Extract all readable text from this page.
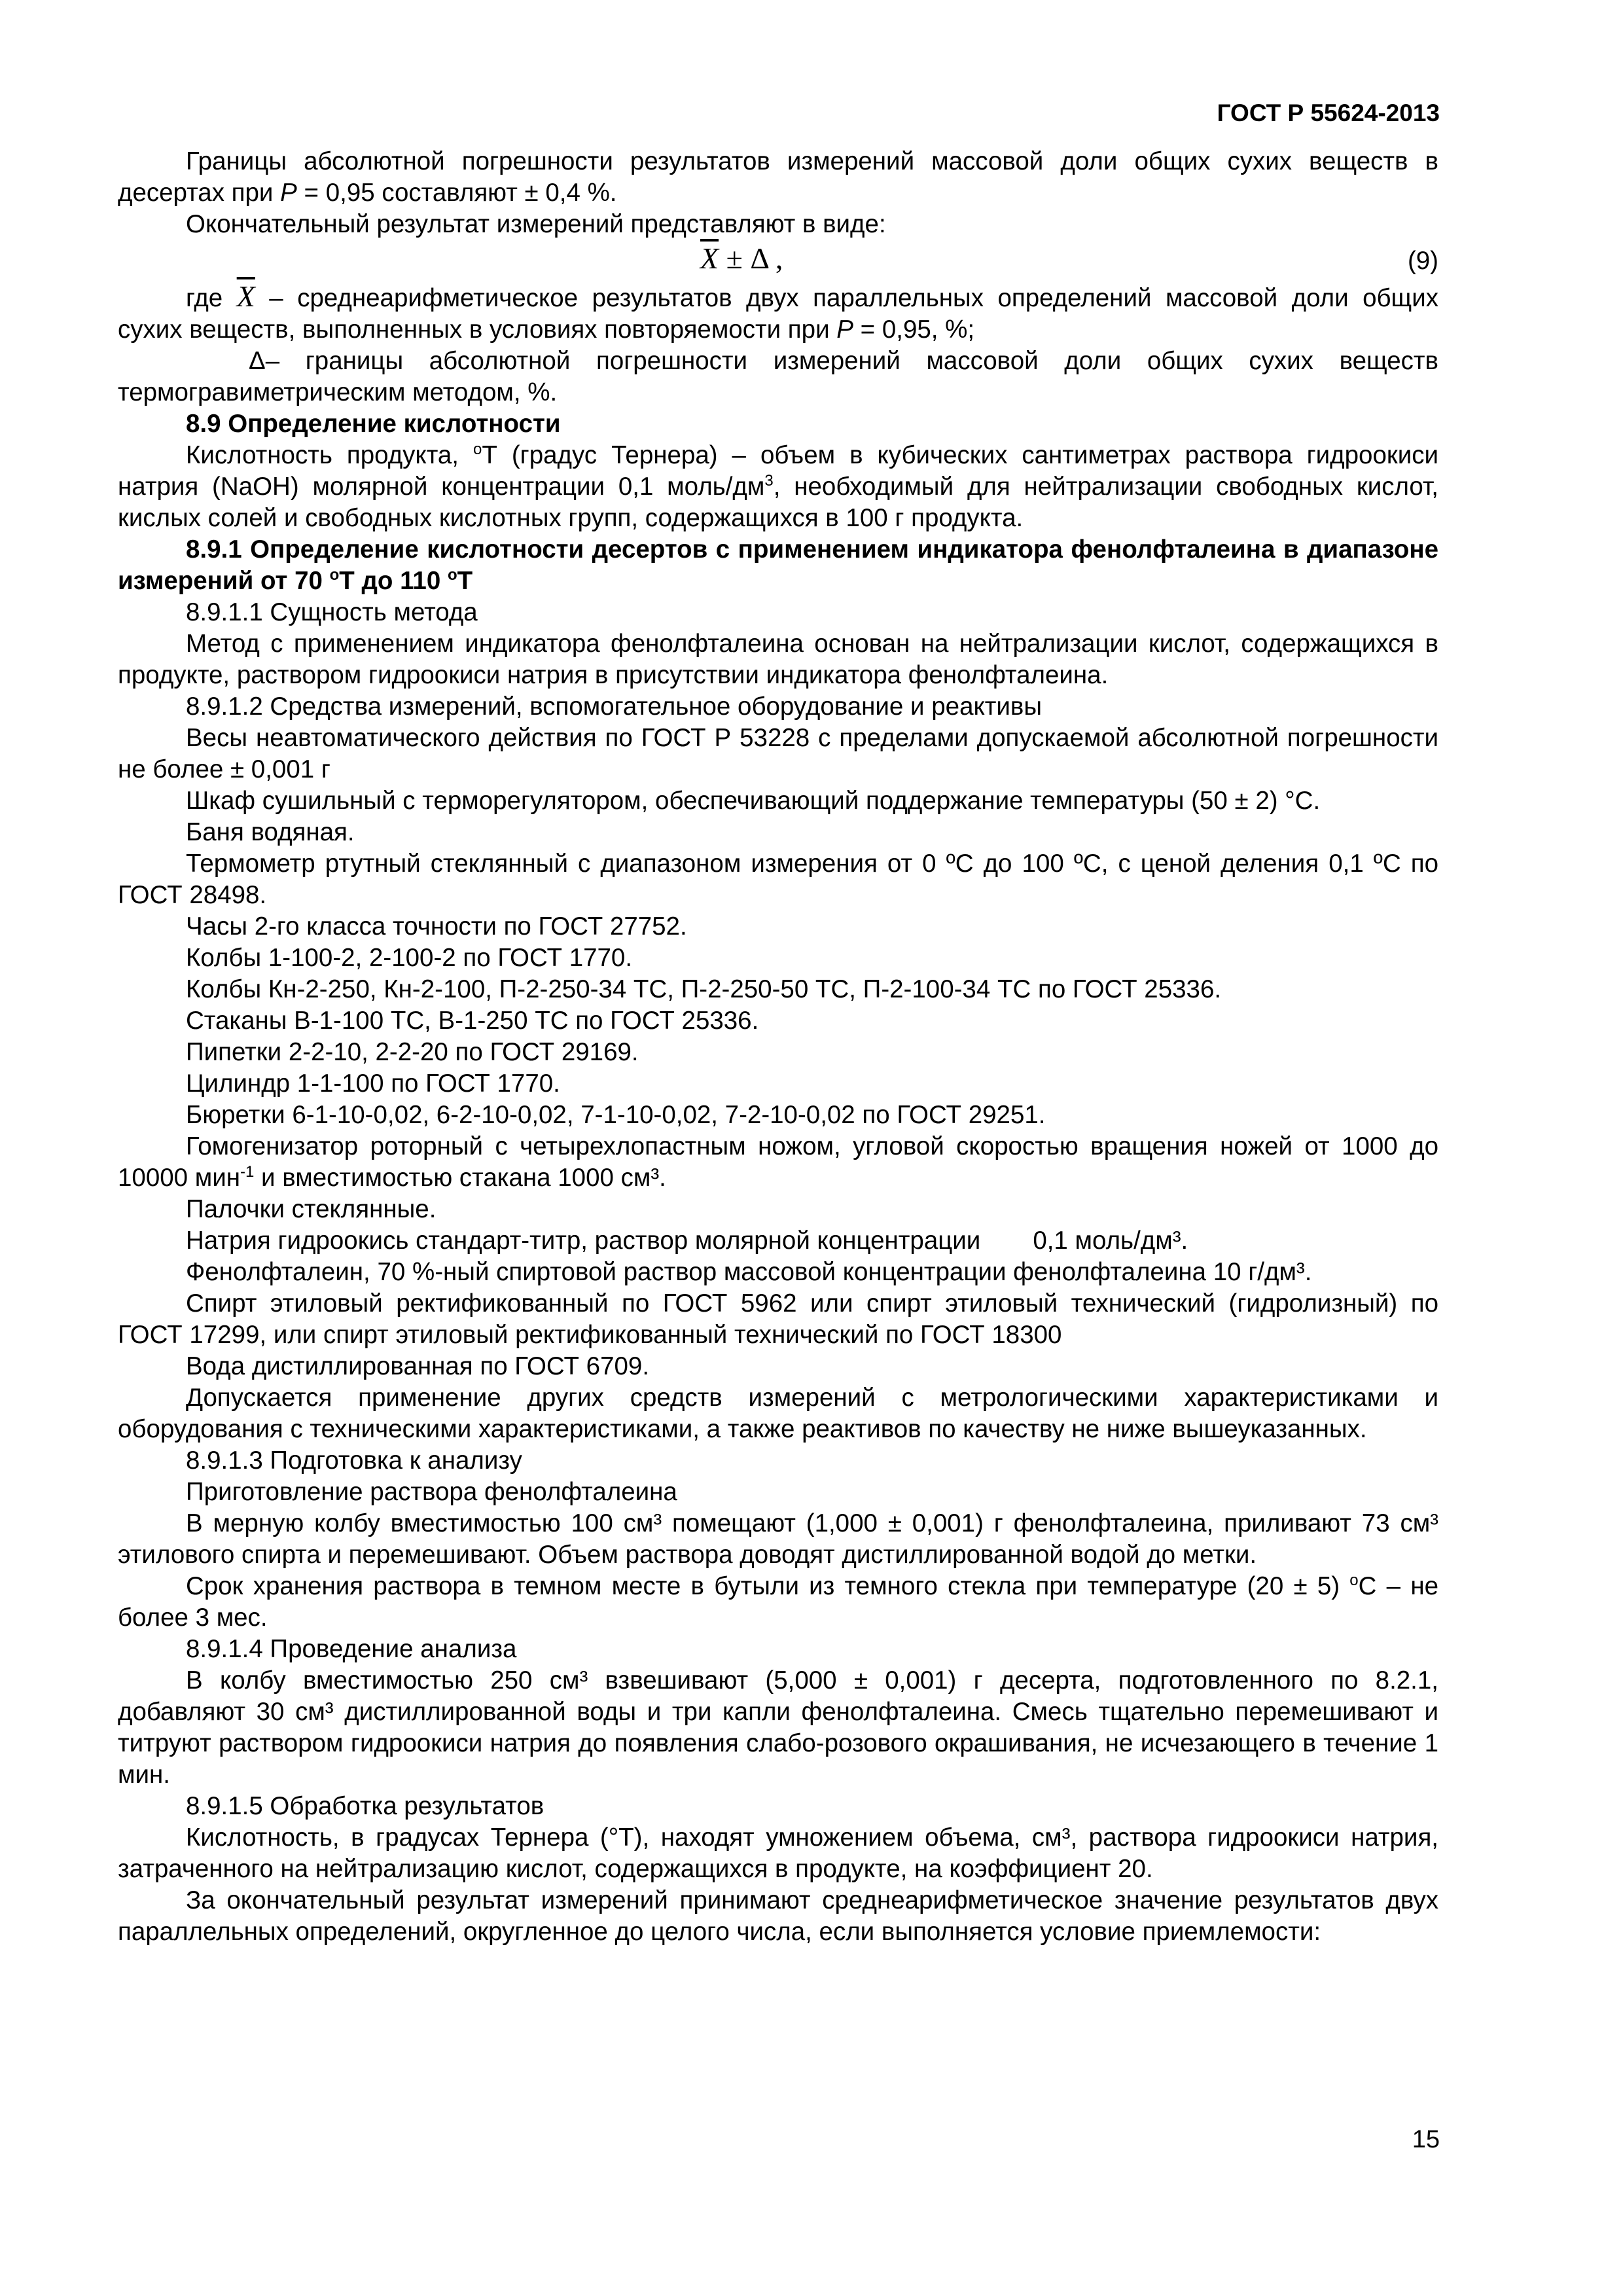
ГОСТ Р 55624-2013

Границы абсолютной погрешности результатов измерений массовой доли общих сухих веществ в десертах при P = 0,95 составляют ± 0,4 %.

Окончательный результат измерений представляют в виде:

$\overline{X} \pm \Delta$ ,	(9)

где $\overline{X}$ – среднеарифметическое результатов двух параллельных определений массовой доли общих сухих веществ, выполненных в условиях повторяемости при P = 0,95, %;

Δ– границы абсолютной погрешности измерений массовой доли общих сухих веществ термогравиметрическим методом, %.

8.9 Определение кислотности

Кислотность продукта, $^о$Т (градус Тернера) – объем в кубических сантиметрах раствора гидроокиси натрия (NaOH) молярной концентрации 0,1 моль/$дм^3$, необходимый для нейтрализации свободных кислот, кислых солей и свободных кислотных групп, содержащихся в 100 г продукта.

8.9.1 Определение кислотности десертов с применением индикатора фенолфталеина в диапазоне измерений от 70 $^о$Т до 110 $^о$Т

8.9.1.1 Сущность метода

Метод с применением индикатора фенолфталеина основан на нейтрализации кислот, содержащихся в продукте, раствором гидроокиси натрия в присутствии индикатора фенолфталеина.

8.9.1.2 Средства измерений, вспомогательное оборудование и реактивы

Весы неавтоматического действия по ГОСТ Р 53228 с пределами допускаемой абсолютной погрешности не более ± 0,001 г

Шкаф сушильный с терморегулятором, обеспечивающий поддержание температуры (50 ± 2) °С.

Баня водяная.

Термометр ртутный стеклянный с диапазоном измерения от 0 ºС до 100 ºС, с ценой деления 0,1 ºС по ГОСТ 28498.

Часы 2-го класса точности по ГОСТ 27752.

Колбы 1-100-2, 2-100-2 по ГОСТ 1770.

Колбы Кн-2-250, Кн-2-100, П-2-250-34 ТС, П-2-250-50 ТС, П-2-100-34 ТС по ГОСТ 25336.

Стаканы В-1-100 ТС, В-1-250 ТС по ГОСТ 25336.

Пипетки 2-2-10, 2-2-20 по ГОСТ 29169.

Цилиндр 1-1-100 по ГОСТ 1770.

Бюретки 6-1-10-0,02, 6-2-10-0,02, 7-1-10-0,02, 7-2-10-0,02 по ГОСТ 29251.

Гомогенизатор роторный с четырехлопастным ножом, угловой скоростью вращения ножей от 1000 до 10000 мин$^{-1}$ и вместимостью стакана 1000 см³.

Палочки стеклянные.

Натрия гидроокись стандарт-титр, раствор молярной концентрации 0,1 моль/дм³.

Фенолфталеин, 70 %-ный спиртовой раствор массовой концентрации фенолфталеина 10 г/дм³.

Спирт этиловый ректификованный по ГОСТ 5962 или спирт этиловый технический (гидролизный) по ГОСТ 17299, или спирт этиловый ректификованный технический по ГОСТ 18300

Вода дистиллированная по ГОСТ 6709.

Допускается применение других средств измерений с метрологическими характеристиками и оборудования с техническими характеристиками, а также реактивов по качеству не ниже вышеуказанных.

8.9.1.3 Подготовка к анализу

Приготовление раствора фенолфталеина

В мерную колбу вместимостью 100 см³ помещают (1,000 ± 0,001) г фенолфталеина, приливают 73 см³ этилового спирта и перемешивают. Объем раствора доводят дистиллированной водой до метки.

Срок хранения раствора в темном месте в бутыли из темного стекла при температуре (20 ± 5) $^о$С – не более 3 мес.

8.9.1.4 Проведение анализа

В колбу вместимостью 250 см³ взвешивают (5,000 ± 0,001) г десерта, подготовленного по 8.2.1, добавляют 30 см³ дистиллированной воды и три капли фенолфталеина. Смесь тщательно перемешивают и титруют раствором гидроокиси натрия до появления слабо-розового окрашивания, не исчезающего в течение 1 мин.

8.9.1.5 Обработка результатов

Кислотность, в градусах Тернера (°Т), находят умножением объема, см³, раствора гидроокиси натрия, затраченного на нейтрализацию кислот, содержащихся в продукте, на коэффициент 20.

За окончательный результат измерений принимают среднеарифметическое значение результатов двух параллельных определений, округленное до целого числа, если выполняется условие приемлемости:

15
